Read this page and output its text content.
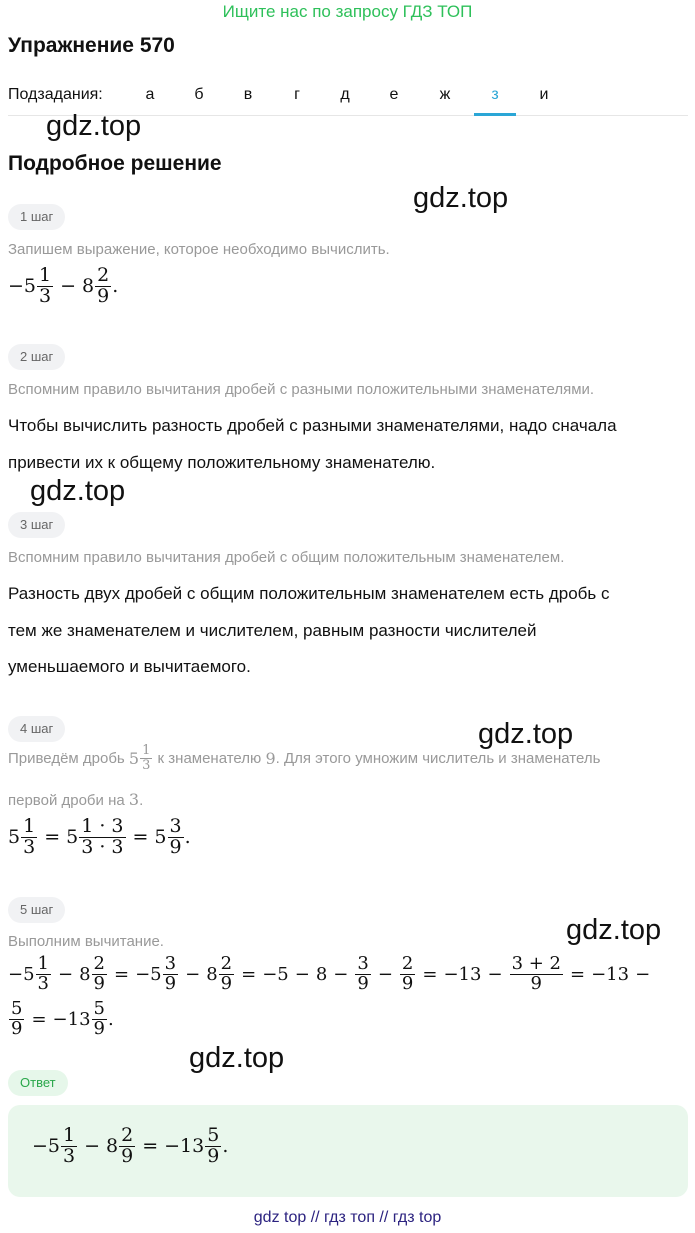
Ищите нас по запросу ГДЗ ТОП
Упражнение 570
Подзадания:	а	б	в	г	д	е	ж	з	и
gdz.top
Подробное решение
gdz.top
1 шаг
Запишем выражение, которое необходимо вычислить.
$-5 \frac{1}{3} - 8 \frac{2}{9}$ .
2 шаг
Вспомним правило вычитания дробей с разными положительными знаменателями.
Чтобы вычислить разность дробей с разными знаменателями, надо сначала
привести их к общему положительному знаменателю.
gdz.top
3 шаг
Вспомним правило вычитания дробей с общим положительным знаменателем.
Разность двух дробей с общим положительным знаменателем есть дробь с
тем же знаменателем и числителем, равным разности числителей
уменьшаемого и вычитаемого.
4 шаг	gdz.top
Приведём дробь
$5 \frac{1}{3}$
к знаменателю
9 . Для этого умножим числитель и знаменатель
первой дроби на 3.
$5 \frac{1}{3} = 5 \frac{1 \cdot 3}{3 \cdot 3} = 5 \frac{3}{9}$ .
5 шаг
gdz.top
Выполним вычитание.
$-5 \frac{1}{3} - 8 \frac{2}{9} = -5 \frac{3}{9} - 8 \frac{2}{9} = -5 - 8 - \frac{3}{9} - \frac{2}{9} = -13 - \frac{3 + 2}{9} = -13$ −
$\frac{5}{9} = -13 \frac{5}{9}$ .
gdz.top
Ответ
$-5 \frac{1}{3} - 8 \frac{2}{9} = -13 \frac{5}{9}$ .
gdz top // гдз топ // гдз top
